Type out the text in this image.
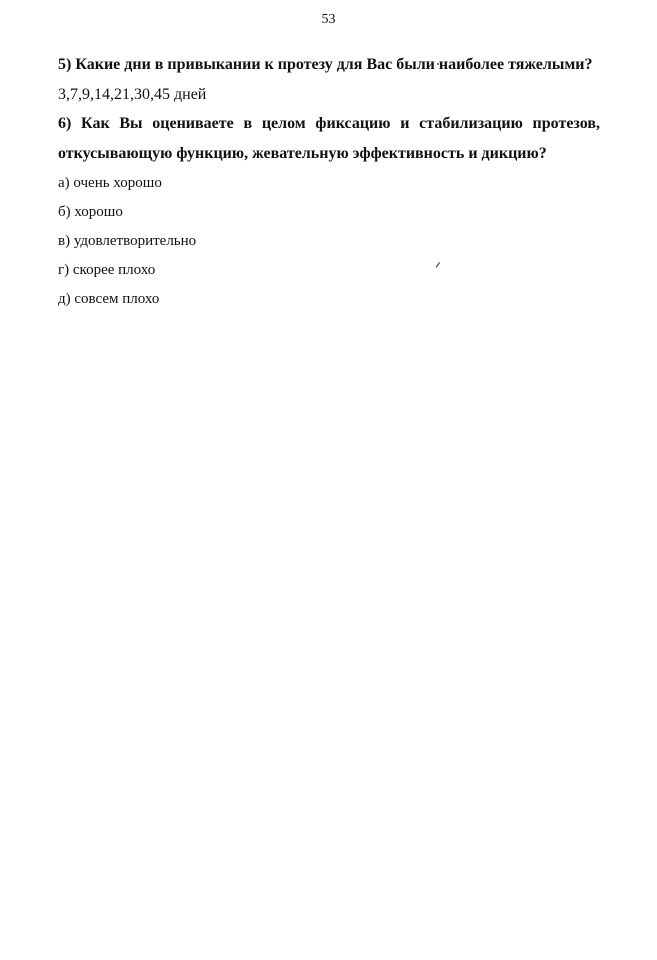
53

5) Какие дни в привыкании к протезу для Вас были наиболее тяжелыми?

3,7,9,14,21,30,45 дней

6) Как Вы оцениваете в целом фиксацию и стабилизацию протезов, откусывающую функцию, жевательную эффективность и дикцию?

а) очень хорошо

б) хорошо

в) удовлетворительно

г) скорее плохо

д) совсем плохо
